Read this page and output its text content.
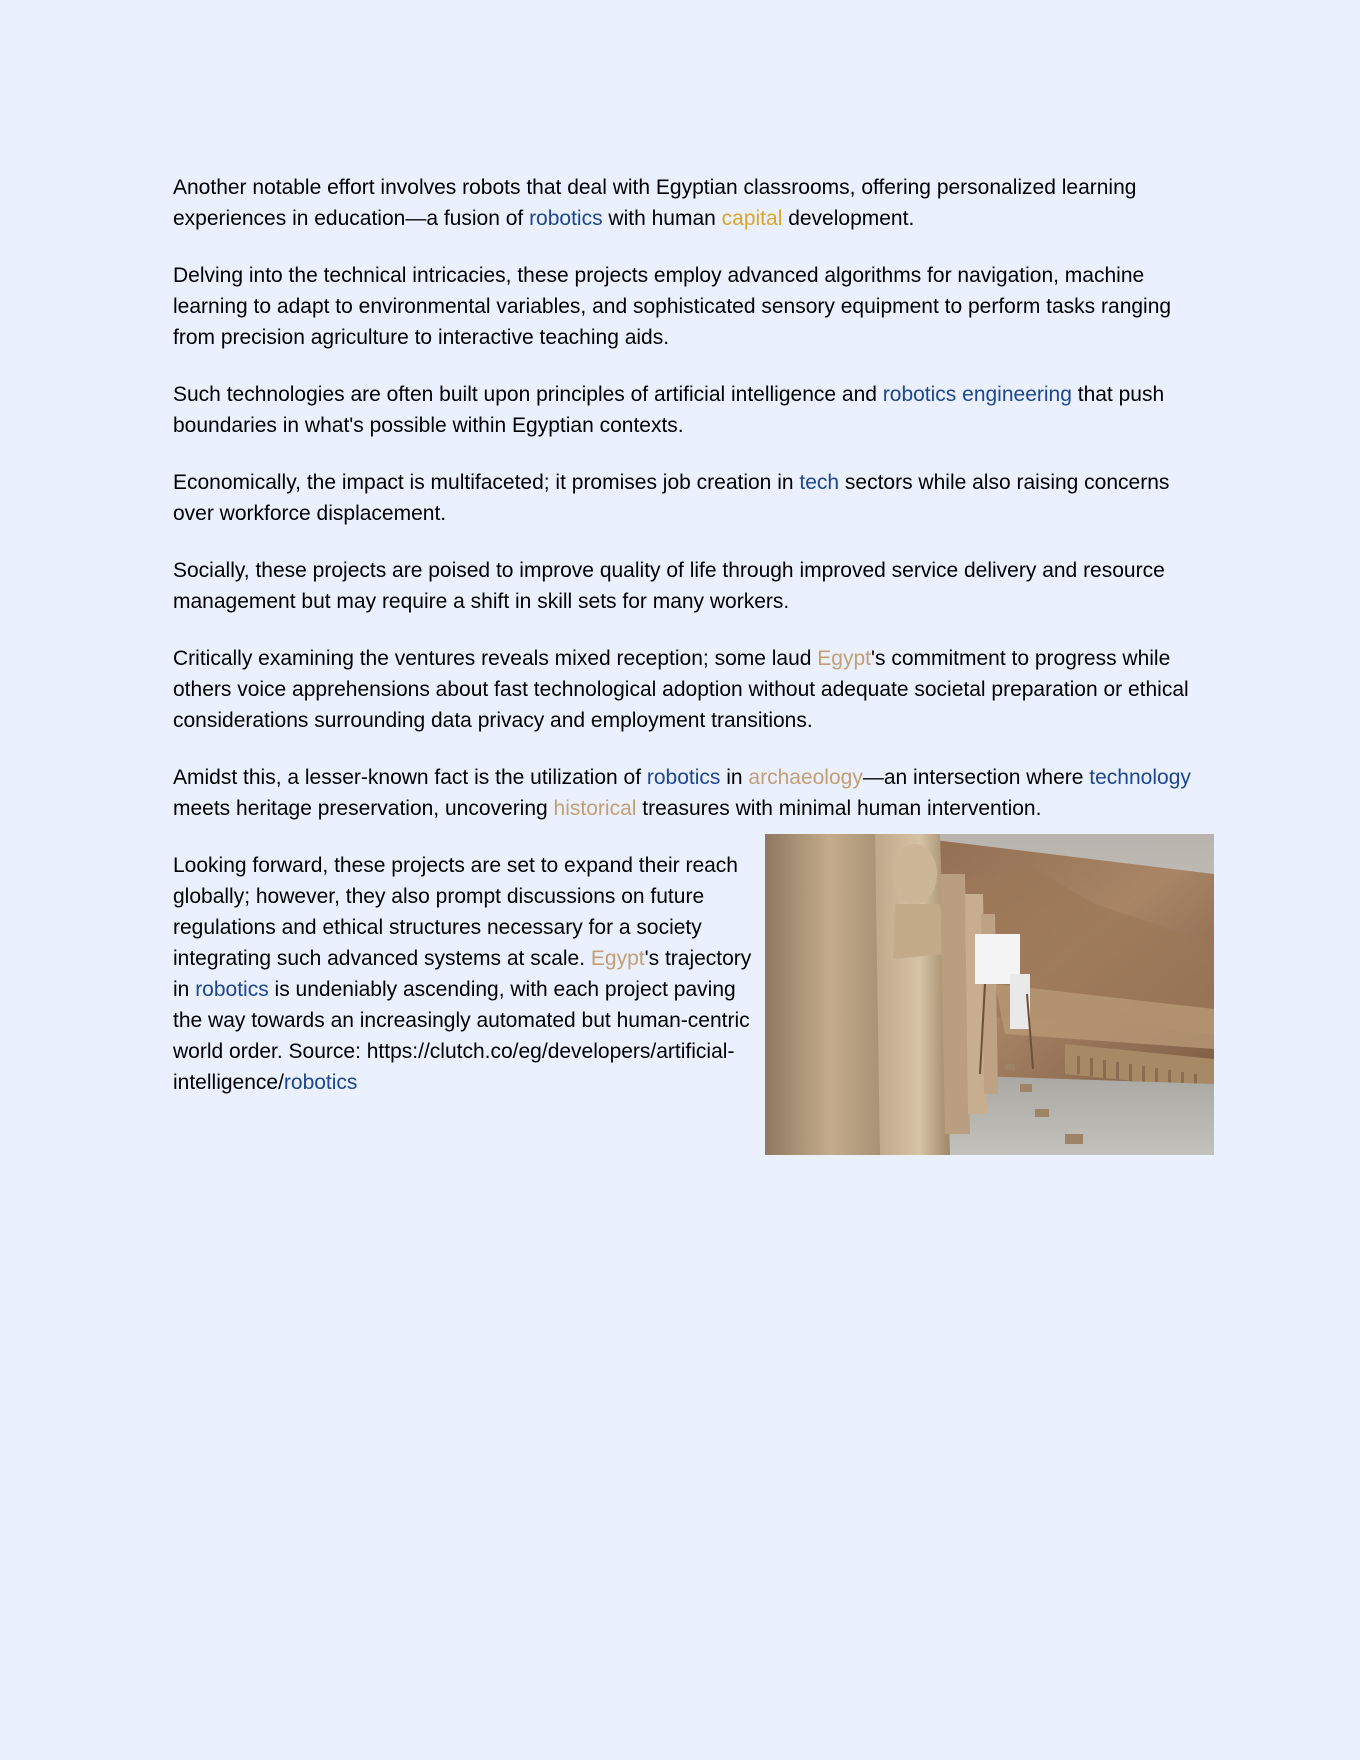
Another notable effort involves robots that deal with Egyptian classrooms, offering personalized learning experiences in education—a fusion of robotics with human capital development.

Delving into the technical intricacies, these projects employ advanced algorithms for navigation, machine learning to adapt to environmental variables, and sophisticated sensory equipment to perform tasks ranging from precision agriculture to interactive teaching aids.

Such technologies are often built upon principles of artificial intelligence and robotics engineering that push boundaries in what's possible within Egyptian contexts.

Economically, the impact is multifaceted; it promises job creation in tech sectors while also raising concerns over workforce displacement.

Socially, these projects are poised to improve quality of life through improved service delivery and resource management but may require a shift in skill sets for many workers.

Critically examining the ventures reveals mixed reception; some laud Egypt's commitment to progress while others voice apprehensions about fast technological adoption without adequate societal preparation or ethical considerations surrounding data privacy and employment transitions.

Amidst this, a lesser-known fact is the utilization of robotics in archaeology—an intersection where technology meets heritage preservation, uncovering historical treasures with minimal human intervention.

Looking forward, these projects are set to expand their reach globally; however, they also prompt discussions on future regulations and ethical structures necessary for a society integrating such advanced systems at scale. Egypt's trajectory in robotics is undeniably ascending, with each project paving the way towards an increasingly automated but human-centric world order. Source: https://clutch.co/eg/developers/artificial-intelligence/robotics
